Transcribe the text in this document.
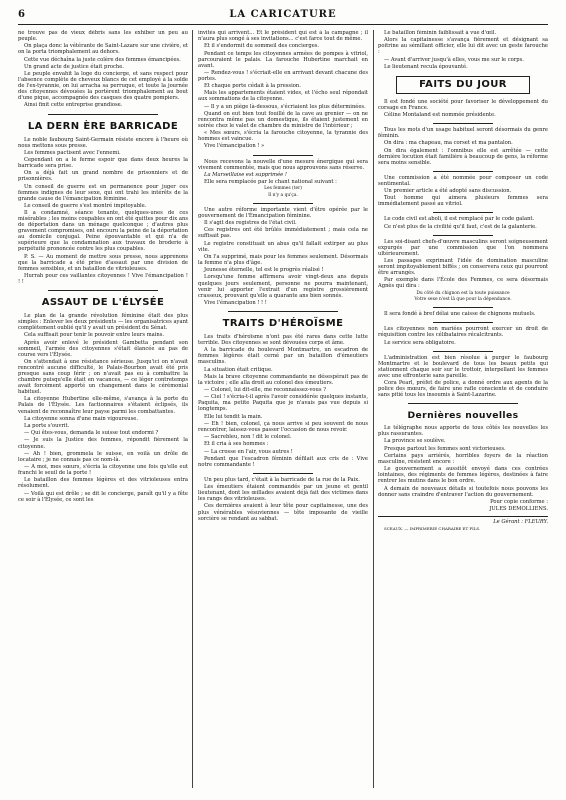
6	LA CARICATURE

ne trouve pas de vieux débris sans les exhiber un peu au peuple.

On plaça donc la vétérante de Saint-Lazare sur une civière, et on la porta triomphalement au dehors.

Cette vue déchaîna la juste colère des femmes émancipées.

Un grand acte de justice était proche.

Le peuple envahit la loge du concierge, et sans respect pour l'absence complète de cheveux blancs de cet employé à la solde de l'ex-tyrannie, on lui arracha sa perruque, et toute la journée des citoyennes dévouées la portèrent triomphalement au bout d'une pique, accompagnée des casques des quatre pompiers.

Ainsi finit cette entreprise grandiose.

LA DERN ÈRE BARRICADE

Le noble faubourg Saint-Germain résiste encore à l'heure où nous mettons sous presse.

Les femmes pactisent avec l'ennemi.

Cependant on a le ferme espoir que dans deux heures la barricade sera prise.

On a déjà fait un grand nombre de prisonniers et de prisonnières.

Un conseil de guerre est en permanence pour juger ces femmes indignes de leur sexe, qui ont trahi les intérêts de la grande cause de l'émancipation féminine.

Le conseil de guerre s'est montré impitoyable.

Il a condamné, séance tenante, quelques-unes de ces misérables ; les moins coupables en ont été quittes pour dix ans de déportation dans un ménage quelconque ; d'autres plus gravement compromises, ont encouru la peine de la déportation au domicile conjugal. Peine épouvantable et qui n'a de supérieure que la condamnation aux travaux de broderie à perpétuité prononcée contre les plus coupables.

P. S. — Au moment de mettre sous presse, nous apprenons que la barricade a été prise d'assaut par une division de femmes sensibles, et un bataillon de vitrioleuses.

Hurrah pour ces vaillantes citoyennes ! Vive l'émancipation ! ! !

ASSAUT DE L'ÉLYSÉE

Le plan de la grande révolution féminine était des plus simples : Enlever les deux présidents — les organisatrices ayant complètement oublié qu'il y avait un président du Sénat.

Cela suffisait pour tenir le pouvoir entre leurs mains.

Après avoir enlevé le président Gambetta pendant son sommeil, l'armée des citoyennes s'était élancée au pas de course vers l'Élysée.

On s'attendait à une résistance sérieuse. Jusqu'ici on n'avait rencontré aucune difficulté, le Palais-Bourbon avait été pris presque sans coup férir ; on n'avait pas eu à combattre la chambre puisqu'elle était en vacances, — ce léger contretemps avait forcément apporté un changement dans le cérémonial habituel.

La citoyenne Hubertine elle-même, s'avança à la porte du Palais de l'Élysée. Les factionnaires s'étaient éclipsés, ils venaient de reconnaître leur payse parmi les combattantes.

La citoyenne sonna d'une main vigoureuse.

La porte s'ouvrit.

— Qui êtes-vous, demanda le suisse tout endormi ?

— Je suis la Justice des femmes, répondit fièrement la citoyenne.

— Ah ! bien, grommela le suisse, en voilà un drôle de locataire ; je ne connais pas ce nom-là.

— A moi, mes sœurs, s'écria la citoyenne une fois qu'elle eut franchi le seuil de la porte !

Le bataillon des femmes légères et des vitrioleuses entra résolument.

— Voilà qui est drôle ; se dit le concierge, paraît qu'il y a fête ce soir à l'Élysée, ce sont les

invités qui arrivent... Et le président qui est à la campagne ; il n'aura plus songé à ses invitations... c'est farce tout de même.

Et il s'endormit du sommeil des concierges.

Pendant ce temps les citoyennes armées de pompes à vitriol, parcouraient le palais. La farouche Hubertine marchait en avant.

— Rendez-vous ! s'écriait-elle en arrivant devant chacune des portes.

Et chaque porte cédait à la pression.

Mais les appartements étaient vides, et l'écho seul répondait aux sommations de la citoyenne.

— Il y a un piège là-dessous, s'écriaient les plus déterminées.

Quand on eut bien tout fouillé de la cave au grenier — on ne rencontra même pas un domestique, ils étaient justement en soirée chez le valet de chambre du ministre de l'intérieur ;

« Mes sœurs, s'écria la farouche citoyenne, la tyrannie des hommes est vaincue.

Vive l'émancipation ! »

Nous recevons la nouvelle d'une mesure énergique qui sera vivement commentée, mais que nous approuvons sans réserve.

La Marseillaise est supprimée !

Elle sera remplacée par le chant national suivant :

Les femmes (ter)

Il n'y a qu'ça.

Une autre réforme importante vient d'être opérée par le gouvernement de l'Émancipation féminine.

Il s'agit des registres de l'état civil.

Ces registres ont été brûlés immédiatement ; mais cela ne suffisait pas.

Le registre constituait un abus qu'il fallait extirper au plus vite.

On l'a supprimé, mais pour les femmes seulement. Désormais la femme n'a plus d'âge.

Jeunesse éternelle, tel est le progrès réalisé !

Lorsqu'une femme affirmera avoir vingt-deux ans depuis quelques jours seulement, personne ne pourra maintenant, venir lui apporter l'extrait d'un registre grossièrement crasseux, prouvant qu'elle a quarante ans bien sonnés.

Vive l'émancipation ! ! !

TRAITS D'HÉROÏSME

Les traits d'héroïsme n'ont pas été rares dans cette lutte terrible. Des citoyennes se sont dévouées corps et âme.

A la barricade du boulevard Montmartre, un escadron de femmes légères était cerné par un bataillon d'émeutiers masculins.

La situation était critique.

Mais la brave citoyenne commandante ne désespérait pas de la victoire ; elle alla droit au colonel des émeutiers.

— Colonel, lui dit-elle, me reconnaissez-vous ?

— Ciel ! s'écria-t-il après l'avoir considérée quelques instants, Paquita, ma petite Paquita que je n'avais pas vue depuis si longtemps.

Elle lui tendit la main.

— Eh ! bien, colonel, ça nous arrive si peu souvent de nous rencontrer, laissez-vous passer l'occasion de nous revoir.

— Sacrebleu, non ! dit le colonel.

Et il cria à ses hommes :

— La crosse en l'air, vous autres !

Pendant que l'escadron féminin défilait aux cris de : Vive notre commandante !

Un peu plus tard, c'était à la barricade de la rue de la Paix.

Les émeutiers étaient commandés par un jeune et gentil lieutenant, dont les œillades avaient déjà fait des victimes dans les rangs des vitrioleuses.

Ces dernières avaient à leur tête pour capitainesse, une des plus vénérables vésuviennes — tête imposante de vieille sorcière se rendant au sabbat.

Le bataillon féminin faiblissait à vue d'œil.

Alors la capitainesse s'avança fièrement et désignant sa poitrine au sémillant officier, elle lui dit avec un geste farouche :

— Avant d'arriver jusqu'à elles, vous me sur le corps.

Le lieutenant recula épouvanté.

FAITS DU JOUR

Il est fondé une société pour favoriser le développement du corsage en France.

Céline Montaland est nommée présidente.

Tous les mots d'un usage habituel seront désormais du genre féminin.

On dira : ma chapeau, ma corset et ma pantalon.

On dira également : l'omnibus elle est arrêtée — cette dernière locution était familière à beaucoup de gens, la réforme sera moins sensible.

Une commission a été nommée pour composer un code sentimental.

Un premier article a été adopté sans discussion.

Tout homme qui aimera plusieurs femmes sera immédiatement passé au vitriol.

Le code civil est aboli, il est remplacé par le code galant.

Ce n'est plus de la civilité qu'il faut, c'est de la galanterie.

Les soi-disant chefs-d'œuvre masculins seront soigneusement expurgés par une commission que l'on nommera ultérieurement.

Les passages exprimant l'idée de domination masculine seront impitoyablement biffés ; on conservera ceux qui pourront être arrangés.

Par exemple dans l'École des Femmes, ce sera désormais Agnès qui dira :

Du côté du chignon est la toute puissance

Votre sexe n'est là que pour la dépendance.

Il sera fondé à bref délai une caisse de chignons mutuels.

Les citoyennes non mariées pourront exercer un droit de réquisition contre les célibataires récalcitrants.

Le service sera obligatoire.

L'administration est bien résolue à purger le faubourg Montmartre et le boulevard de tous les beaux petits qui stationnent chaque soir sur le trottoir, interpellant les femmes avec une effronterie sans pareille.

Cora Pearl, préfet de police, a donné ordre aux agents de la police des mœurs, de faire une rafle consciente et de conduire sans pitié tous les insoumis à Saint-Lazarine.

Dernières nouvelles

Le télégraphe nous apporte de tous côtés les nouvelles les plus rassurantes.

La province se soulève.

Presque partout les femmes sont victorieuses.

Certains pays arriérés, horribles foyers de la réaction masculine, résistent encore :

Le gouvernement a aussitôt envoyé dans ces contrées lointaines, des régiments de femmes légères, destinées à faire rentrer les mutins dans le bon ordre.

A demain de nouveaux détails si toutefois nous pouvons les donner sans craindre d'entraver l'action du gouvernement.

Pour copie conforme :

JULES DEMOLLIENS.

Le Gérant : FLEURY.

SCEAUX. — IMPRIMERIE CHARAIRE ET FILS.
